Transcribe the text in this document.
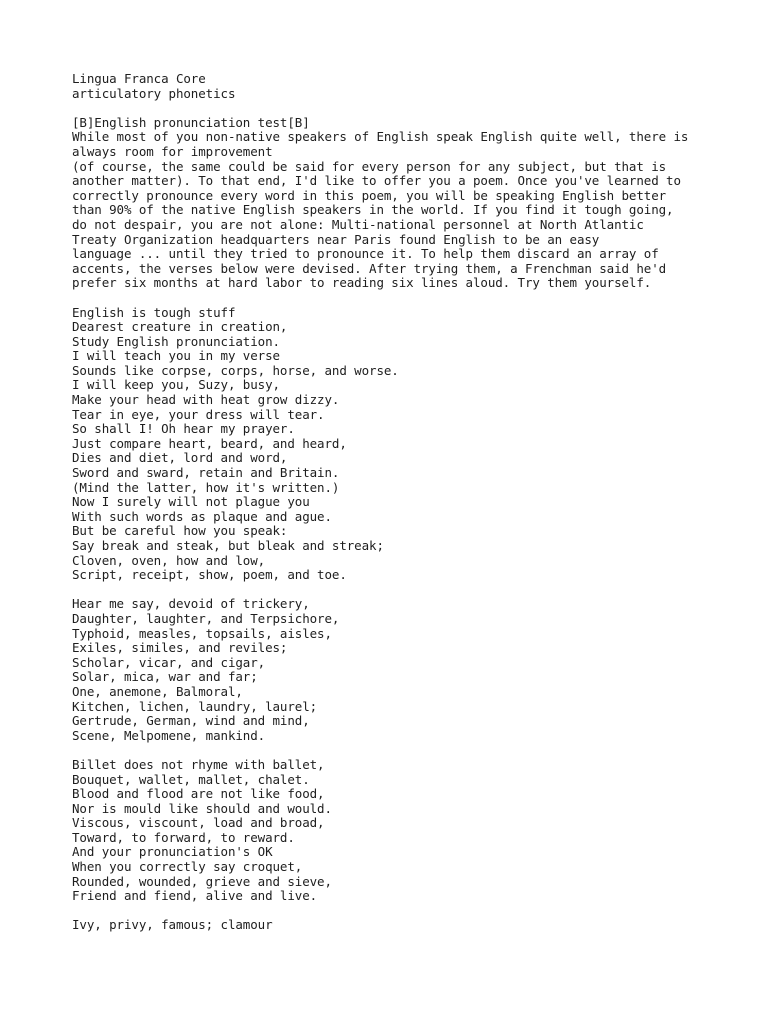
Lingua Franca Core
articulatory phonetics
[B]English pronunciation test[B]
While most of you non-native speakers of English speak English quite well, there is
always room for improvement
(of course, the same could be said for every person for any subject, but that is
another matter). To that end, I'd like to offer you a poem. Once you've learned to
correctly pronounce every word in this poem, you will be speaking English better
than 90% of the native English speakers in the world. If you find it tough going,
do not despair, you are not alone: Multi-national personnel at North Atlantic
Treaty Organization headquarters near Paris found English to be an easy
language ... until they tried to pronounce it. To help them discard an array of
accents, the verses below were devised. After trying them, a Frenchman said he'd
prefer six months at hard labor to reading six lines aloud. Try them yourself.
English is tough stuff
Dearest creature in creation,
Study English pronunciation.
I will teach you in my verse
Sounds like corpse, corps, horse, and worse.
I will keep you, Suzy, busy,
Make your head with heat grow dizzy.
Tear in eye, your dress will tear.
So shall I! Oh hear my prayer.
Just compare heart, beard, and heard,
Dies and diet, lord and word,
Sword and sward, retain and Britain.
(Mind the latter, how it's written.)
Now I surely will not plague you
With such words as plaque and ague.
But be careful how you speak:
Say break and steak, but bleak and streak;
Cloven, oven, how and low,
Script, receipt, show, poem, and toe.
Hear me say, devoid of trickery,
Daughter, laughter, and Terpsichore,
Typhoid, measles, topsails, aisles,
Exiles, similes, and reviles;
Scholar, vicar, and cigar,
Solar, mica, war and far;
One, anemone, Balmoral,
Kitchen, lichen, laundry, laurel;
Gertrude, German, wind and mind,
Scene, Melpomene, mankind.
Billet does not rhyme with ballet,
Bouquet, wallet, mallet, chalet.
Blood and flood are not like food,
Nor is mould like should and would.
Viscous, viscount, load and broad,
Toward, to forward, to reward.
And your pronunciation's OK
When you correctly say croquet,
Rounded, wounded, grieve and sieve,
Friend and fiend, alive and live.
Ivy, privy, famous; clamour
